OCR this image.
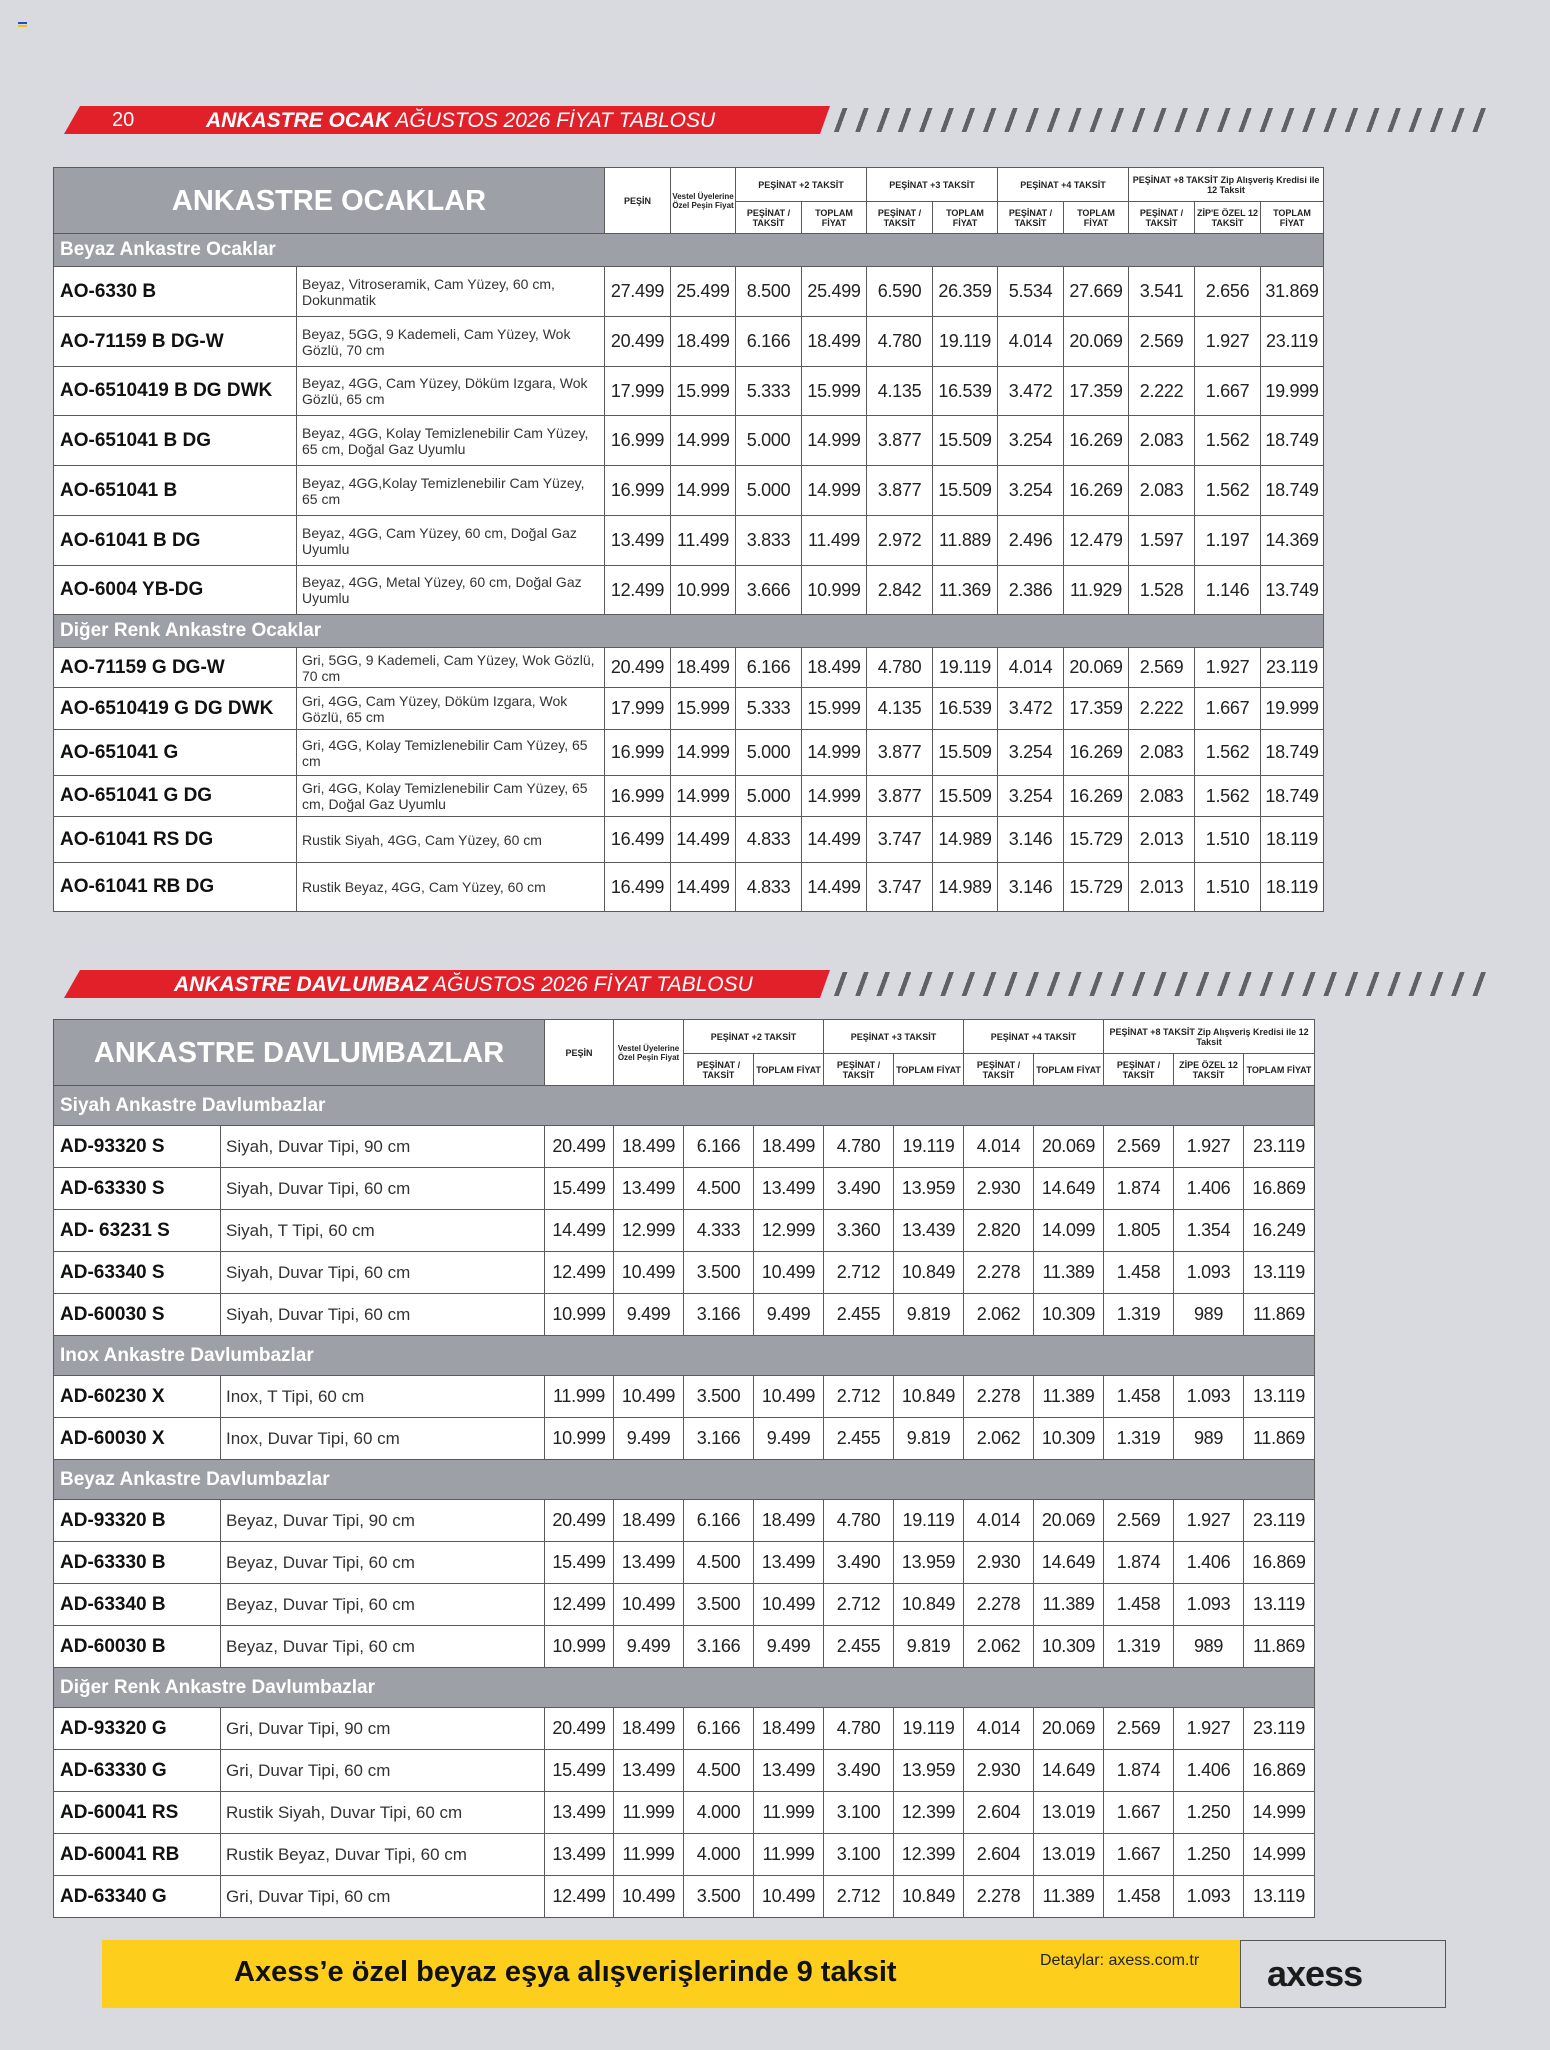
20	ANKASTRE OCAK AĞUSTOS 2026 FİYAT TABLOSU
ANKASTRE OCAKLAR		PEŞİN	Vestel Üyelerine Özel Peşin Fiyat	PEŞİNAT +2 TAKSİT		PEŞİNAT +3 TAKSİT		PEŞİNAT +4 TAKSİT		PEŞİNAT +8 TAKSİT Zip Alışveriş Kredisi ile 12 Taksit		
				PEŞİNAT / TAKSİT	TOPLAM FİYAT	PEŞİNAT / TAKSİT	TOPLAM FİYAT	PEŞİNAT / TAKSİT	TOPLAM FİYAT	PEŞİNAT / TAKSİT	ZİP'E ÖZEL 12 TAKSİT	TOPLAM FİYAT
Beyaz Ankastre Ocaklar												
AO-6330 B	Beyaz, Vitroseramik, Cam Yüzey, 60 cm, Dokunmatik	27.499	25.499	8.500	25.499	6.590	26.359	5.534	27.669	3.541	2.656	31.869
AO-71159 B DG-W	Beyaz, 5GG, 9 Kademeli, Cam Yüzey, Wok Gözlü, 70 cm	20.499	18.499	6.166	18.499	4.780	19.119	4.014	20.069	2.569	1.927	23.119
AO-6510419 B DG DWK	Beyaz, 4GG, Cam Yüzey, Döküm Izgara, Wok Gözlü, 65 cm	17.999	15.999	5.333	15.999	4.135	16.539	3.472	17.359	2.222	1.667	19.999
AO-651041 B DG	Beyaz, 4GG, Kolay Temizlenebilir Cam Yüzey, 65 cm, Doğal Gaz Uyumlu	16.999	14.999	5.000	14.999	3.877	15.509	3.254	16.269	2.083	1.562	18.749
AO-651041 B	Beyaz, 4GG,Kolay Temizlenebilir Cam Yüzey, 65 cm	16.999	14.999	5.000	14.999	3.877	15.509	3.254	16.269	2.083	1.562	18.749
AO-61041 B DG	Beyaz, 4GG, Cam Yüzey, 60 cm, Doğal Gaz Uyumlu	13.499	11.499	3.833	11.499	2.972	11.889	2.496	12.479	1.597	1.197	14.369
AO-6004 YB-DG	Beyaz, 4GG, Metal Yüzey, 60 cm, Doğal Gaz Uyumlu	12.499	10.999	3.666	10.999	2.842	11.369	2.386	11.929	1.528	1.146	13.749
Diğer Renk Ankastre Ocaklar												
AO-71159 G DG-W	Gri, 5GG, 9 Kademeli, Cam Yüzey, Wok Gözlü, 70 cm	20.499	18.499	6.166	18.499	4.780	19.119	4.014	20.069	2.569	1.927	23.119
AO-6510419 G DG DWK	Gri, 4GG, Cam Yüzey, Döküm Izgara, Wok Gözlü, 65 cm	17.999	15.999	5.333	15.999	4.135	16.539	3.472	17.359	2.222	1.667	19.999
AO-651041 G	Gri, 4GG, Kolay Temizlenebilir Cam Yüzey, 65 cm	16.999	14.999	5.000	14.999	3.877	15.509	3.254	16.269	2.083	1.562	18.749
AO-651041 G DG	Gri, 4GG, Kolay Temizlenebilir Cam Yüzey, 65 cm, Doğal Gaz Uyumlu	16.999	14.999	5.000	14.999	3.877	15.509	3.254	16.269	2.083	1.562	18.749
AO-61041 RS DG	Rustik Siyah, 4GG, Cam Yüzey, 60 cm	16.499	14.499	4.833	14.499	3.747	14.989	3.146	15.729	2.013	1.510	18.119
AO-61041 RB DG	Rustik Beyaz, 4GG, Cam Yüzey, 60 cm	16.499	14.499	4.833	14.499	3.747	14.989	3.146	15.729	2.013	1.510	18.119
ANKASTRE DAVLUMBAZ AĞUSTOS 2026 FİYAT TABLOSU
ANKASTRE DAVLUMBAZLAR		PEŞİN	Vestel Üyelerine Özel Peşin Fiyat	PEŞİNAT +2 TAKSİT		PEŞİNAT +3 TAKSİT		PEŞİNAT +4 TAKSİT		PEŞİNAT +8 TAKSİT Zip Alışveriş Kredisi ile 12 Taksit		
				PEŞİNAT / TAKSİT	TOPLAM FİYAT	PEŞİNAT / TAKSİT	TOPLAM FİYAT	PEŞİNAT / TAKSİT	TOPLAM FİYAT	PEŞİNAT / TAKSİT	ZİPE ÖZEL 12 TAKSİT	TOPLAM FİYAT
Siyah Ankastre Davlumbazlar												
AD-93320 S	Siyah, Duvar Tipi, 90 cm	20.499	18.499	6.166	18.499	4.780	19.119	4.014	20.069	2.569	1.927	23.119
AD-63330 S	Siyah, Duvar Tipi, 60 cm	15.499	13.499	4.500	13.499	3.490	13.959	2.930	14.649	1.874	1.406	16.869
AD- 63231 S	Siyah, T Tipi, 60 cm	14.499	12.999	4.333	12.999	3.360	13.439	2.820	14.099	1.805	1.354	16.249
AD-63340 S	Siyah, Duvar Tipi, 60 cm	12.499	10.499	3.500	10.499	2.712	10.849	2.278	11.389	1.458	1.093	13.119
AD-60030 S	Siyah, Duvar Tipi, 60 cm	10.999	9.499	3.166	9.499	2.455	9.819	2.062	10.309	1.319	989	11.869
Inox Ankastre Davlumbazlar												
AD-60230 X	Inox, T Tipi, 60 cm	11.999	10.499	3.500	10.499	2.712	10.849	2.278	11.389	1.458	1.093	13.119
AD-60030 X	Inox, Duvar Tipi, 60 cm	10.999	9.499	3.166	9.499	2.455	9.819	2.062	10.309	1.319	989	11.869
Beyaz Ankastre Davlumbazlar												
AD-93320 B	Beyaz, Duvar Tipi, 90 cm	20.499	18.499	6.166	18.499	4.780	19.119	4.014	20.069	2.569	1.927	23.119
AD-63330 B	Beyaz, Duvar Tipi, 60 cm	15.499	13.499	4.500	13.499	3.490	13.959	2.930	14.649	1.874	1.406	16.869
AD-63340 B	Beyaz, Duvar Tipi, 60 cm	12.499	10.499	3.500	10.499	2.712	10.849	2.278	11.389	1.458	1.093	13.119
AD-60030 B	Beyaz, Duvar Tipi, 60 cm	10.999	9.499	3.166	9.499	2.455	9.819	2.062	10.309	1.319	989	11.869
Diğer Renk Ankastre Davlumbazlar												
AD-93320 G	Gri, Duvar Tipi, 90 cm	20.499	18.499	6.166	18.499	4.780	19.119	4.014	20.069	2.569	1.927	23.119
AD-63330 G	Gri, Duvar Tipi, 60 cm	15.499	13.499	4.500	13.499	3.490	13.959	2.930	14.649	1.874	1.406	16.869
AD-60041 RS	Rustik Siyah, Duvar Tipi, 60 cm	13.499	11.999	4.000	11.999	3.100	12.399	2.604	13.019	1.667	1.250	14.999
AD-60041 RB	Rustik Beyaz, Duvar Tipi, 60 cm	13.499	11.999	4.000	11.999	3.100	12.399	2.604	13.019	1.667	1.250	14.999
AD-63340 G	Gri, Duvar Tipi, 60 cm	12.499	10.499	3.500	10.499	2.712	10.849	2.278	11.389	1.458	1.093	13.119
Axess’e özel beyaz eşya alışverişlerinde 9 taksit	Detaylar: axess.com.tr axess
